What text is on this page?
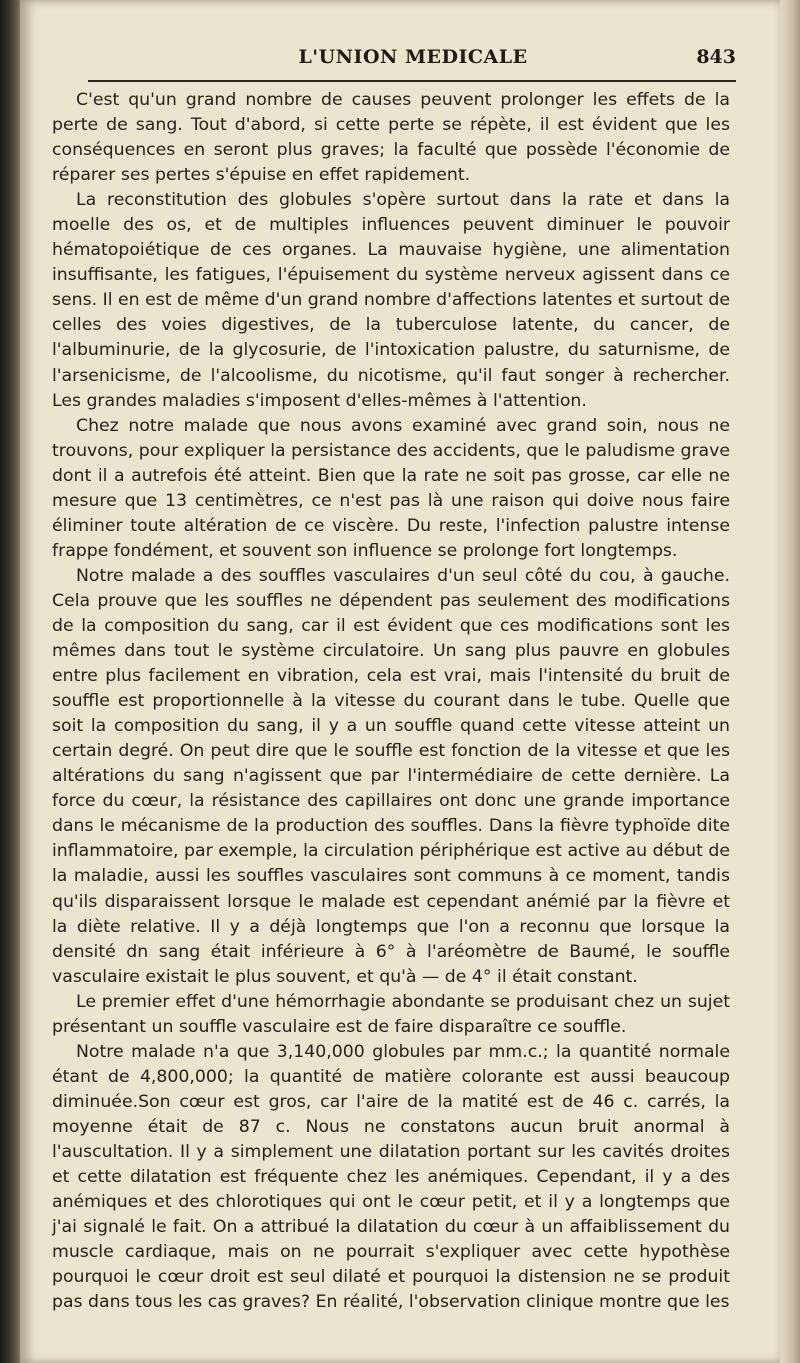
L'UNION MEDICALE	843

C'est qu'un grand nombre de causes peuvent prolonger les effets de la perte de sang. Tout d'abord, si cette perte se répète, il est évident que les conséquences en seront plus graves; la faculté que possède l'économie de réparer ses pertes s'épuise en effet rapidement.

La reconstitution des globules s'opère surtout dans la rate et dans la moelle des os, et de multiples influences peuvent diminuer le pouvoir hématopoiétique de ces organes. La mauvaise hygiène, une alimentation insuffisante, les fatigues, l'épuisement du système nerveux agissent dans ce sens. Il en est de même d'un grand nombre d'affections latentes et surtout de celles des voies digestives, de la tuberculose latente, du cancer, de l'albuminurie, de la glycosurie, de l'intoxication palustre, du saturnisme, de l'arsenicisme, de l'alcoolisme, du nicotisme, qu'il faut songer à rechercher. Les grandes maladies s'imposent d'elles-mêmes à l'attention.

Chez notre malade que nous avons examiné avec grand soin, nous ne trouvons, pour expliquer la persistance des accidents, que le paludisme grave dont il a autrefois été atteint. Bien que la rate ne soit pas grosse, car elle ne mesure que 13 centimètres, ce n'est pas là une raison qui doive nous faire éliminer toute altération de ce viscère. Du reste, l'infection palustre intense frappe fondément, et souvent son influence se prolonge fort longtemps.

Notre malade a des souffles vasculaires d'un seul côté du cou, à gauche. Cela prouve que les souffles ne dépendent pas seulement des modifications de la composition du sang, car il est évident que ces modifications sont les mêmes dans tout le système circulatoire. Un sang plus pauvre en globules entre plus facilement en vibration, cela est vrai, mais l'intensité du bruit de souffle est proportionnelle à la vitesse du courant dans le tube. Quelle que soit la composition du sang, il y a un souffle quand cette vitesse atteint un certain degré. On peut dire que le souffle est fonction de la vitesse et que les altérations du sang n'agissent que par l'intermédiaire de cette dernière. La force du cœur, la résistance des capillaires ont donc une grande importance dans le mécanisme de la production des souffles. Dans la fièvre typhoïde dite inflammatoire, par exemple, la circulation périphérique est active au début de la maladie, aussi les souffles vasculaires sont communs à ce moment, tandis qu'ils disparaissent lorsque le malade est cependant anémié par la fièvre et la diète relative. Il y a déjà longtemps que l'on a reconnu que lorsque la densité dn sang était inférieure à 6° à l'aréomètre de Baumé, le souffle vasculaire existait le plus souvent, et qu'à — de 4° il était constant.

Le premier effet d'une hémorrhagie abondante se produisant chez un sujet présentant un souffle vasculaire est de faire disparaître ce souffle.

Notre malade n'a que 3,140,000 globules par mm.c.; la quantité normale étant de 4,800,000; la quantité de matière colorante est aussi beaucoup diminuée.Son cœur est gros, car l'aire de la matité est de 46 c. carrés, la moyenne était de 87 c. Nous ne constatons aucun bruit anormal à l'auscultation. Il y a simplement une dilatation portant sur les cavités droites et cette dilatation est fréquente chez les anémiques. Cependant, il y a des anémiques et des chlorotiques qui ont le cœur petit, et il y a longtemps que j'ai signalé le fait. On a attribué la dilatation du cœur à un affaiblissement du muscle cardiaque, mais on ne pourrait s'expliquer avec cette hypothèse pourquoi le cœur droit est seul dilaté et pourquoi la distension ne se produit pas dans tous les cas graves? En réalité, l'observation clinique montre que les
